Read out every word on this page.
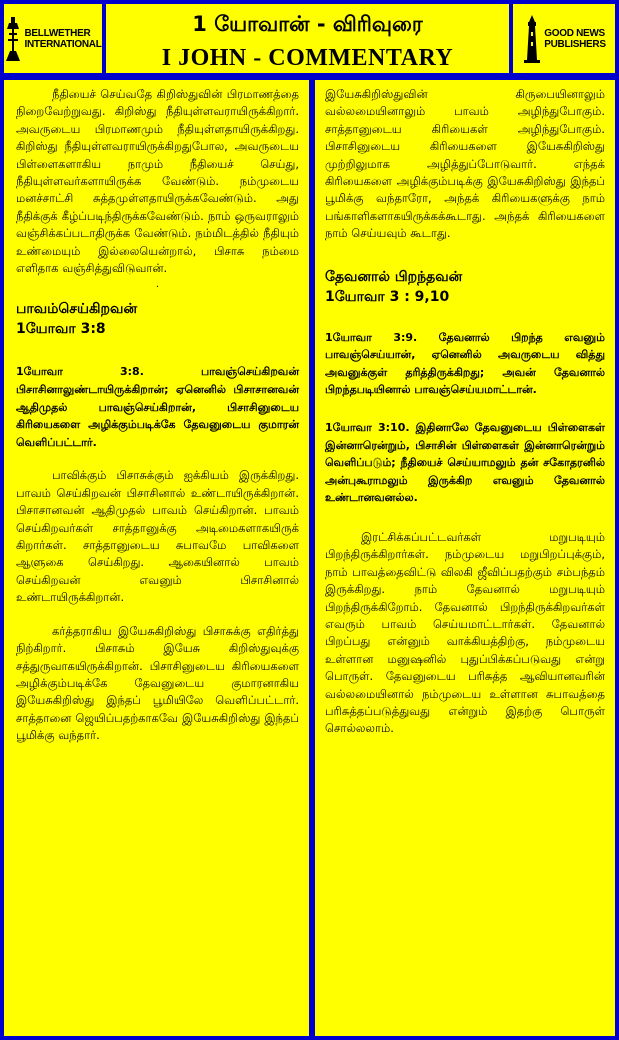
BELLWETHER
INTERNATIONAL
1 யோவான் - விரிவுரை
I JOHN - COMMENTARY
GOOD NEWS
PUBLISHERS

நீதியைச் செய்வதே கிறிஸ்துவின் பிரமாணத்தை நிறைவேற்றுவது. கிறிஸ்து நீதியுள்ளவராயிருக்கிறார். அவருடைய பிரமாணமும் நீதியுள்ளதாயிருக்கிறது. கிறிஸ்து நீதியுள்ளவராயிருக்கிறதுபோல, அவருடைய பிள்ளைகளாகிய நாமும் நீதியைச் செய்து, நீதியுள்ளவர்களாயிருக்க வேண்டும். நம்முடைய மனச்சாட்சி சுத்தமுள்ளதாயிருக்கவேண்டும். அது நீதிக்குக் கீழ்ப்படிந்திருக்கவேண்டும். நாம் ஒருவராலும் வஞ்சிக்கப்படாதிருக்க வேண்டும். நம்மிடத்தில் நீதியும் உண்மையும் இல்லையென்றால், பிசாசு நம்மை எளிதாக வஞ்சித்துவிடுவான்.

.

பாவம்செய்கிறவன்

1யோவா 3:8

1யோவா 3:8. பாவஞ்செய்கிறவன் பிசாசினாலுண்டாயிருக்கிறான்; ஏனெனில் பிசாசானவன் ஆதிமுதல் பாவஞ்செய்கிறான், பிசாசினுடைய கிரியைகளை அழிக்கும்படிக்கே தேவனுடைய குமாரன் வெளிப்பட்டார்.

பாவிக்கும் பிசாசுக்கும் ஐக்கியம் இருக்கிறது. பாவம் செய்கிறவன் பிசாசினால் உண்டாயிருக்கிறான். பிசாசானவன் ஆதிமுதல் பாவம் செய்கிறான். பாவம் செய்கிறவர்கள் சாத்தானுக்கு அடிமைகளாகயிருக் கிறார்கள். சாத்தானுடைய சுபாவமே பாவிகளை ஆளுகை செய்கிறது. ஆகையினால் பாவம் செய்கிறவன் எவனும் பிசாசினால் உண்டாயிருக்கிறான்.

கர்த்தராகிய இயேசுகிறிஸ்து பிசாசுக்கு எதிர்த்து நிற்கிறார். பிசாசும் இயேசு கிறிஸ்துவுக்கு சத்துருவாகயிருக்கிறான். பிசாசினுடைய கிரியைகளை அழிக்கும்படிக்கே தேவனுடைய குமாரனாகிய இயேசுகிறிஸ்து இந்தப் பூமியிலே வெளிப்பட்டார். சாத்தானை ஜெயிப்பதற்காகவே இயேசுகிறிஸ்து இந்தப் பூமிக்கு வந்தார்.

இயேசுகிறிஸ்துவின் கிருபையினாலும் வல்லமையினாலும் பாவம் அழிந்துபோகும். சாத்தானுடைய கிரியைகள் அழிந்துபோகும். பிசாசினுடைய கிரியைகளை இயேசுகிறிஸ்து முற்றிலுமாக அழித்துப்போடுவார். எந்தக் கிரியைகளை அழிக்கும்படிக்கு இயேசுகிறிஸ்து இந்தப் பூமிக்கு வந்தாரோ, அந்தக் கிரியைகளுக்கு நாம் பங்காளிகளாகயிருக்கக்கூடாது. அந்தக் கிரியைகளை நாம் செய்யவும் கூடாது.

தேவனால் பிறந்தவன்

1யோவா 3 : 9,10

1யோவா 3:9. தேவனால் பிறந்த எவனும் பாவஞ்செய்யான், ஏனெனில் அவருடைய வித்து அவனுக்குள் தரித்திருக்கிறது; அவன் தேவனால் பிறந்தபடியினால் பாவஞ்செய்யமாட்டான்.

1யோவா 3:10. இதினாலே தேவனுடைய பிள்ளைகள் இன்னாரென்றும், பிசாசின் பிள்ளைகள் இன்னாரென்றும் வெளிப்படும்; நீதியைச் செய்யாமலும் தன் சகோதரனில் அன்புகூராமலும் இருக்கிற எவனும் தேவனால் உண்டானவனல்ல.

இரட்சிக்கப்பட்டவர்கள் மறுபடியும் பிறந்திருக்கிறார்கள். நம்முடைய மறுபிறப்புக்கும், நாம் பாவத்தைவிட்டு விலகி ஜீவிப்பதற்கும் சம்பந்தம் இருக்கிறது. நாம் தேவனால் மறுபடியும் பிறந்திருக்கிறோம். தேவனால் பிறந்திருக்கிறவர்கள் எவரும் பாவம் செய்யமாட்டார்கள். தேவனால் பிறப்பது என்னும் வாக்கியத்திற்கு, நம்முடைய உள்ளான மனுஷனில் புதுப்பிக்கப்படுவது என்று பொருள். தேவனுடைய பரிசுத்த ஆவியானவரின் வல்லமையினால் நம்முடைய உள்ளான சுபாவத்தை பரிசுத்தப்படுத்துவது என்றும் இதற்கு பொருள் சொல்லலாம்.
